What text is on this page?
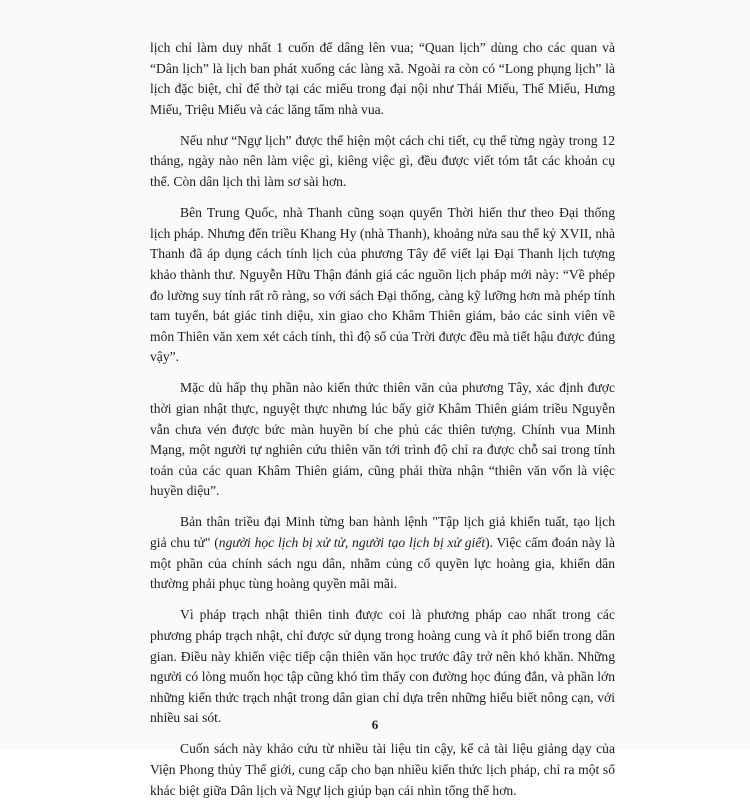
lịch chỉ làm duy nhất 1 cuốn để dâng lên vua; “Quan lịch” dùng cho các quan và “Dân lịch” là lịch ban phát xuống các làng xã. Ngoài ra còn có “Long phụng lịch” là lịch đặc biệt, chỉ để thờ tại các miếu trong đại nội như Thái Miếu, Thế Miếu, Hưng Miếu, Triệu Miếu và các lăng tẩm nhà vua.

Nếu như “Ngự lịch” được thể hiện một cách chi tiết, cụ thể từng ngày trong 12 tháng, ngày nào nên làm việc gì, kiêng việc gì, đều được viết tóm tắt các khoản cụ thể. Còn dân lịch thì làm sơ sài hơn.

Bên Trung Quốc, nhà Thanh cũng soạn quyển Thời hiến thư theo Đại thống lịch pháp. Nhưng đến triều Khang Hy (nhà Thanh), khoảng nửa sau thế kỷ XVII, nhà Thanh đã áp dụng cách tính lịch của phương Tây để viết lại Đại Thanh lịch tượng khảo thành thư. Nguyễn Hữu Thận đánh giá các nguồn lịch pháp mới này: “Về phép đo lường suy tính rất rõ ràng, so với sách Đại thống, càng kỹ lưỡng hơn mà phép tính tam tuyến, bát giác tinh diệu, xin giao cho Khâm Thiên giám, bảo các sinh viên về môn Thiên văn xem xét cách tính, thì độ số của Trời được đều mà tiết hậu được đúng vậy”.

Mặc dù hấp thụ phần nào kiến thức thiên văn của phương Tây, xác định được thời gian nhật thực, nguyệt thực nhưng lúc bấy giờ Khâm Thiên giám triều Nguyễn vẫn chưa vén được bức màn huyền bí che phủ các thiên tượng. Chính vua Minh Mạng, một người tự nghiên cứu thiên văn tới trình độ chỉ ra được chỗ sai trong tính toán của các quan Khâm Thiên giám, cũng phải thừa nhận “thiên văn vốn là việc huyền diệu”.

Bản thân triều đại Minh từng ban hành lệnh "Tập lịch giả khiển tuất, tạo lịch giả chu tử" (người học lịch bị xử tử, người tạo lịch bị xử giết). Việc cấm đoán này là một phần của chính sách ngu dân, nhằm củng cố quyền lực hoàng gia, khiến dân thường phải phục tùng hoàng quyền mãi mãi.

Vì pháp trạch nhật thiên tinh được coi là phương pháp cao nhất trong các phương pháp trạch nhật, chỉ được sử dụng trong hoàng cung và ít phổ biến trong dân gian. Điều này khiến việc tiếp cận thiên văn học trước đây trở nên khó khăn. Những người có lòng muốn học tập cũng khó tìm thấy con đường học đúng đắn, và phần lớn những kiến thức trạch nhật trong dân gian chỉ dựa trên những hiểu biết nông cạn, với nhiều sai sót.

Cuốn sách này khảo cứu từ nhiều tài liệu tin cậy, kể cả tài liệu giảng dạy của Viện Phong thủy Thế giới, cung cấp cho bạn nhiều kiến thức lịch pháp, chỉ ra một số khác biệt giữa Dân lịch và Ngự lịch giúp bạn cái nhìn tổng thể hơn.

6
